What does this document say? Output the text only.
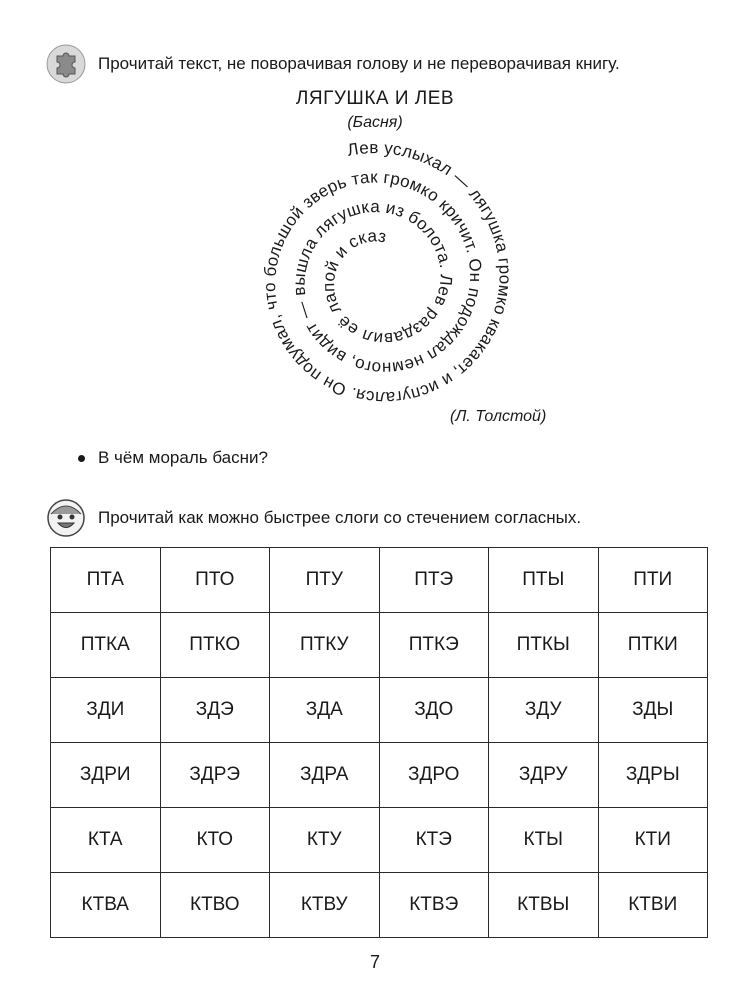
Прочитай текст, не поворачивая голову и не переворачивая книгу.
ЛЯГУШКА И ЛЕВ
(Басня)
Лев услыхал — лягушка громко квакает, и испугался. Он подумал, что большой зверь так громко кричит. Он подождал немного, видит — вышла лягушка из болота. Лев раздавил её лапой и сказ
(Л. Толстой)
В чём мораль басни?
Прочитай как можно быстрее слоги со стечением согласных.
ПТА	ПТО	ПТУ	ПТЭ	ПТЫ	ПТИ
ПТКА	ПТКО	ПТКУ	ПТКЭ	ПТКЫ	ПТКИ
ЗДИ	ЗДЭ	ЗДА	ЗДО	ЗДУ	ЗДЫ
ЗДРИ	ЗДРЭ	ЗДРА	ЗДРО	ЗДРУ	ЗДРЫ
КТА	КТО	КТУ	КТЭ	КТЫ	КТИ
КТВА	КТВО	КТВУ	КТВЭ	КТВЫ	КТВИ
7
